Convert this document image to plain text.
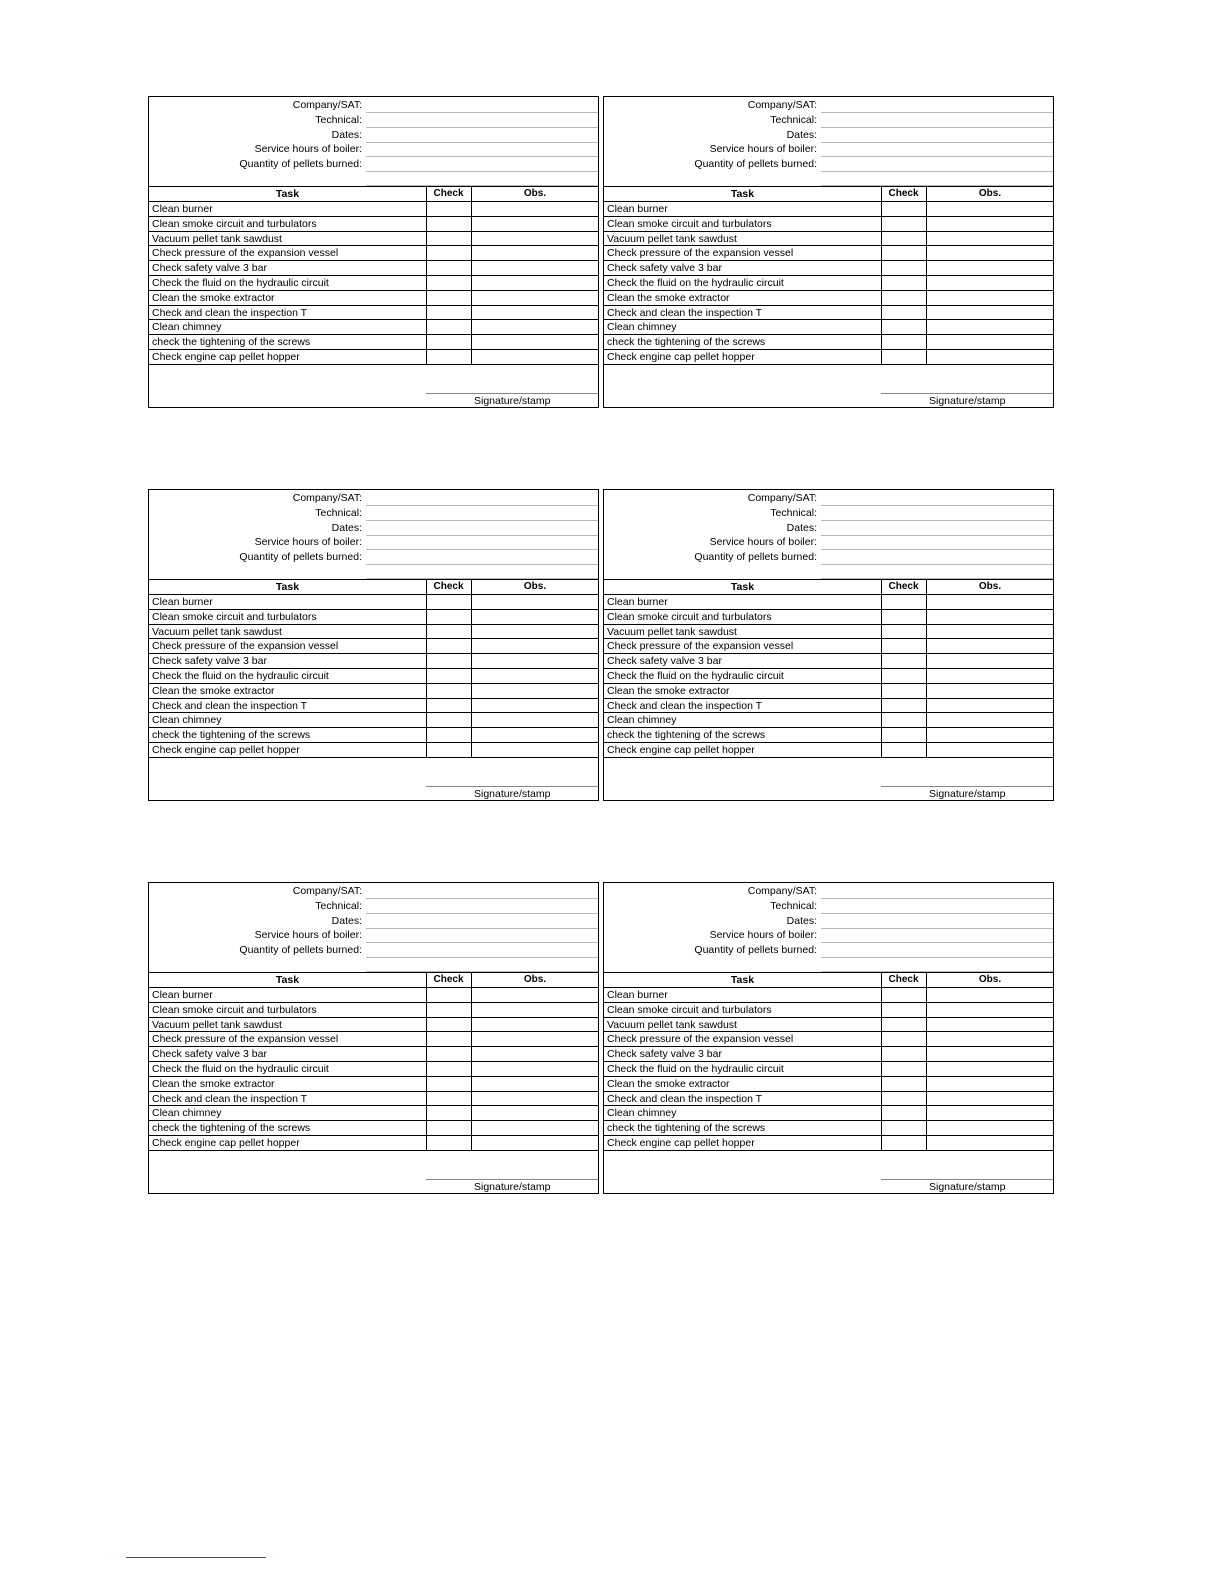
Company/SAT:
Technical:
Dates:
Service hours of boiler:
Quantity of pellets burned:
Task	Check	Obs.
Clean burner
Clean smoke circuit and turbulators
Vacuum pellet tank sawdust
Check pressure of the expansion vessel
Check safety valve 3 bar
Check the fluid on the hydraulic circuit
Clean the smoke extractor
Check and clean the inspection T
Clean chimney
check the tightening of the screws
Check engine cap pellet hopper
Signature/stamp
Company/SAT:
Technical:
Dates:
Service hours of boiler:
Quantity of pellets burned:
Task	Check	Obs.
Clean burner
Clean smoke circuit and turbulators
Vacuum pellet tank sawdust
Check pressure of the expansion vessel
Check safety valve 3 bar
Check the fluid on the hydraulic circuit
Clean the smoke extractor
Check and clean the inspection T
Clean chimney
check the tightening of the screws
Check engine cap pellet hopper
Signature/stamp
Company/SAT:
Technical:
Dates:
Service hours of boiler:
Quantity of pellets burned:
Task	Check	Obs.
Clean burner
Clean smoke circuit and turbulators
Vacuum pellet tank sawdust
Check pressure of the expansion vessel
Check safety valve 3 bar
Check the fluid on the hydraulic circuit
Clean the smoke extractor
Check and clean the inspection T
Clean chimney
check the tightening of the screws
Check engine cap pellet hopper
Signature/stamp
Company/SAT:
Technical:
Dates:
Service hours of boiler:
Quantity of pellets burned:
Task	Check	Obs.
Clean burner
Clean smoke circuit and turbulators
Vacuum pellet tank sawdust
Check pressure of the expansion vessel
Check safety valve 3 bar
Check the fluid on the hydraulic circuit
Clean the smoke extractor
Check and clean the inspection T
Clean chimney
check the tightening of the screws
Check engine cap pellet hopper
Signature/stamp
Company/SAT:
Technical:
Dates:
Service hours of boiler:
Quantity of pellets burned:
Task	Check	Obs.
Clean burner
Clean smoke circuit and turbulators
Vacuum pellet tank sawdust
Check pressure of the expansion vessel
Check safety valve 3 bar
Check the fluid on the hydraulic circuit
Clean the smoke extractor
Check and clean the inspection T
Clean chimney
check the tightening of the screws
Check engine cap pellet hopper
Signature/stamp
Company/SAT:
Technical:
Dates:
Service hours of boiler:
Quantity of pellets burned:
Task	Check	Obs.
Clean burner
Clean smoke circuit and turbulators
Vacuum pellet tank sawdust
Check pressure of the expansion vessel
Check safety valve 3 bar
Check the fluid on the hydraulic circuit
Clean the smoke extractor
Check and clean the inspection T
Clean chimney
check the tightening of the screws
Check engine cap pellet hopper
Signature/stamp
